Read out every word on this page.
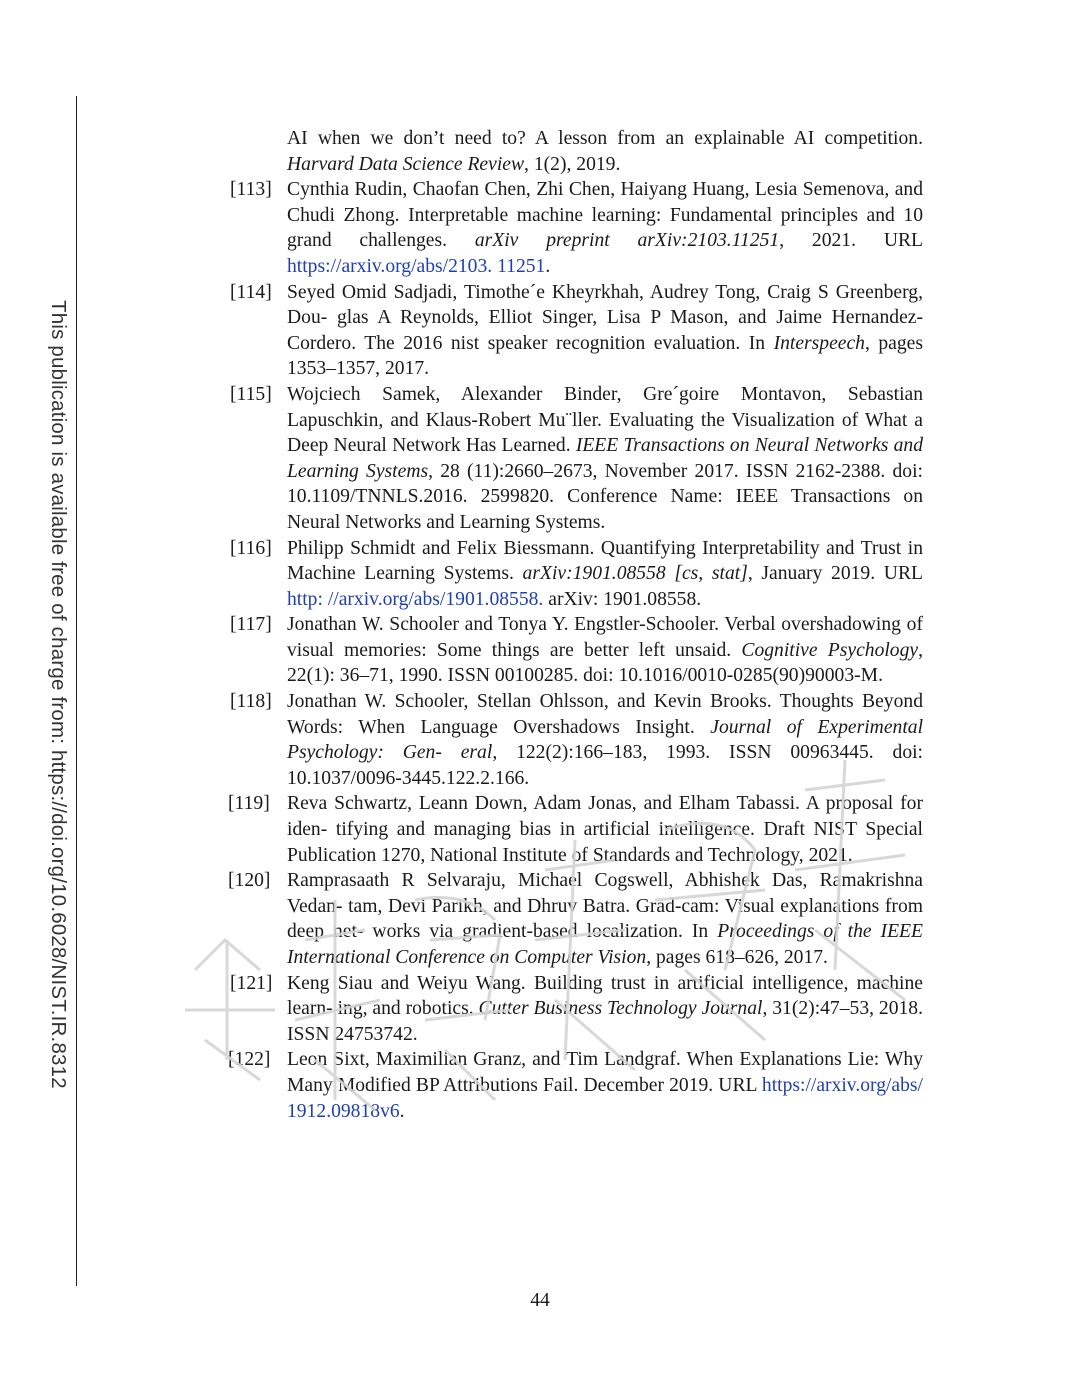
This publication is available free of charge from: https://doi.org/10.6028/NIST.IR.8312

AI when we don’t need to? A lesson from an explainable AI competition. Harvard Data Science Review, 1(2), 2019.

[113] Cynthia Rudin, Chaofan Chen, Zhi Chen, Haiyang Huang, Lesia Semenova, and Chudi Zhong. Interpretable machine learning: Fundamental principles and 10 grand challenges. arXiv preprint arXiv:2103.11251, 2021. URL https://arxiv.org/abs/2103. 11251.

[114] Seyed Omid Sadjadi, Timothe´e Kheyrkhah, Audrey Tong, Craig S Greenberg, Dou- glas A Reynolds, Elliot Singer, Lisa P Mason, and Jaime Hernandez-Cordero. The 2016 nist speaker recognition evaluation. In Interspeech, pages 1353–1357, 2017.

[115] Wojciech Samek, Alexander Binder, Gre´goire Montavon, Sebastian Lapuschkin, and Klaus-Robert Mu¨ller. Evaluating the Visualization of What a Deep Neural Network Has Learned. IEEE Transactions on Neural Networks and Learning Systems, 28 (11):2660–2673, November 2017. ISSN 2162-2388. doi: 10.1109/TNNLS.2016. 2599820. Conference Name: IEEE Transactions on Neural Networks and Learning Systems.

[116] Philipp Schmidt and Felix Biessmann. Quantifying Interpretability and Trust in Machine Learning Systems. arXiv:1901.08558 [cs, stat], January 2019. URL http: //arxiv.org/abs/1901.08558. arXiv: 1901.08558.

[117] Jonathan W. Schooler and Tonya Y. Engstler-Schooler. Verbal overshadowing of visual memories: Some things are better left unsaid. Cognitive Psychology, 22(1): 36–71, 1990. ISSN 00100285. doi: 10.1016/0010-0285(90)90003-M.

[118] Jonathan W. Schooler, Stellan Ohlsson, and Kevin Brooks. Thoughts Beyond Words: When Language Overshadows Insight. Journal of Experimental Psychology: Gen- eral, 122(2):166–183, 1993. ISSN 00963445. doi: 10.1037/0096-3445.122.2.166.

[119] Reva Schwartz, Leann Down, Adam Jonas, and Elham Tabassi. A proposal for iden- tifying and managing bias in artificial intelligence. Draft NIST Special Publication 1270, National Institute of Standards and Technology, 2021.

[120] Ramprasaath R Selvaraju, Michael Cogswell, Abhishek Das, Ramakrishna Vedan- tam, Devi Parikh, and Dhruv Batra. Grad-cam: Visual explanations from deep net- works via gradient-based localization. In Proceedings of the IEEE International Conference on Computer Vision, pages 618–626, 2017.

[121] Keng Siau and Weiyu Wang. Building trust in artificial intelligence, machine learn- ing, and robotics. Cutter Business Technology Journal, 31(2):47–53, 2018. ISSN 24753742.

[122] Leon Sixt, Maximilian Granz, and Tim Landgraf. When Explanations Lie: Why Many Modified BP Attributions Fail. December 2019. URL https://arxiv.org/abs/ 1912.09818v6.

44
